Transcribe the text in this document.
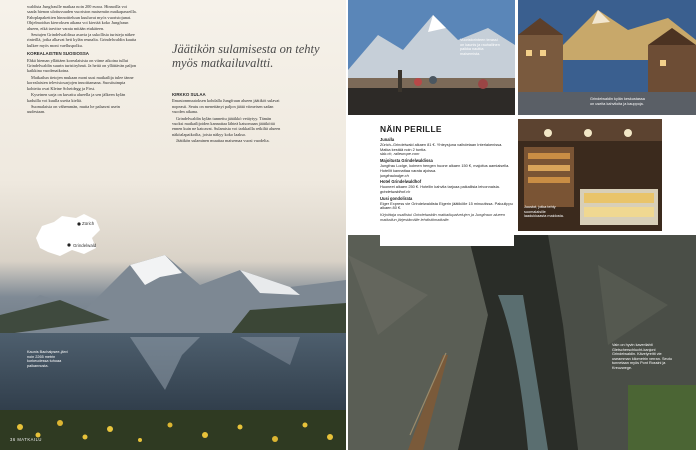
Zürich
Grindelwald

waldista Jungfraulle matkaa noin 200 euroa. Hinnoilla voi saada hienon ulottuvuuden vuoriston maisemiin matkapasseilla. Fahrplapakettien hinnoitteluun kuuluvat myös vuoristojunat. Ohjelmoidun kierroksen aikana voi kiertää koko Jungfraun alueen, eikä tarvitse varata mitään etukäteen.

Seutujen Grindelwaldissa asuvia ja uskollisia turisteja näkee rinteillä, jotka alkavat heti kylän reunalta. Grindelwaldin kautta kulkee myös moni vaelluspolku.

KOREALAISTEN SUOSIOSSA

Ehkä hieman yllättäen korealaisista on viime aikoina tullut Grindelwaldin suurin turistiryhmä. Ja heitä on yllättävän paljon kaikkina vuodenaikoina.

Matkailun tietojen mukaan moni uusi matkailija tulee tänne korealaisten televisiosarjojen innoittamana. Suosituimpia kohteita ovat Kleine Scheidegg ja First.

Kyseinen sarja on kuvattu alueella ja sen jälkeen kylän kaduilla voi kuulla useita kieliä.

Suomalaisia on vähemmän, mutta he palaavat usein uudestaan.

Jäätikön sulamisesta on tehty myös matkailuvaltti.

KIRKKO SULAA

Ilmastonmuutoksen kohdalla Jungfraun alueen jäätiköt sulavat nopeasti. Seutu on menettänyt paljon jäätä viimeisen sadan vuoden aikana.

Grindelwaldin kylän tunnettu jäätikkö vetäytyy. Tämän vuoksi matkailijoiden kannattaa lähteä katsomaan jäätiköitä ennen kuin ne katoavat. Sulamista voi tarkkailla retkiltä alueen näköalapaikoilta, joista näkyy koko laakso.

Jäätikön sulaminen muuttaa maisemaa vuosi vuodelta.

Kaunis Bachalpsee-järvi noin 2265 metrin korkeudessa tuhoaa paikannusta.
36 MATKAILU
Vuoristorinteen terassi on kaunis ja rauhallinen paikka nauttia maisemista.
Grindelwaldin kylän keskustassa on useita kahviloita ja kauppoja.
Juustot, jotka tehty suomalaisille laadukkaasta maidosta.
Vain on hyvin kaverilahti Gletscherschlucht-kanjoni Grindelwaldin. Kävelyreitti vie useamman kilometrin verran. Seutu tunnetaan myös Pont Rossini ja Kreuzwege.
NÄIN PERILLE
Junalla
Zürich–Grindelwald alkaen 81 €. Yhteysjuna vaihdetaan Interlakenissa. Matka kestää noin 2 tuntia.
sbb.ch, raileurope.com
Majoitusta Grindelwaldissa
Jungfrau Lodge, kolmen hengen huone alkaen 150 €, majoitus aamiaisella. Hotellit kannattaa varata ajoissa.
jungfraulodge.ch
Hotel Grindelwaldhof
Huoneet alkaen 250 €. Hotellin kahvila tarjoaa paikallisia leivonnaisia.
grindelwaldhof.ch
Uusi gondolirata
Eiger Express vie Grindelwaldista Eigerin jäätikölle 15 minuutissa. Paluulippu alkaen 80 €.
Kirjoittaja osallistui Grindelwaldin matkailupalvelujen ja Jungfraun alueen matkailun järjestämälle lehdistömatkalle.
